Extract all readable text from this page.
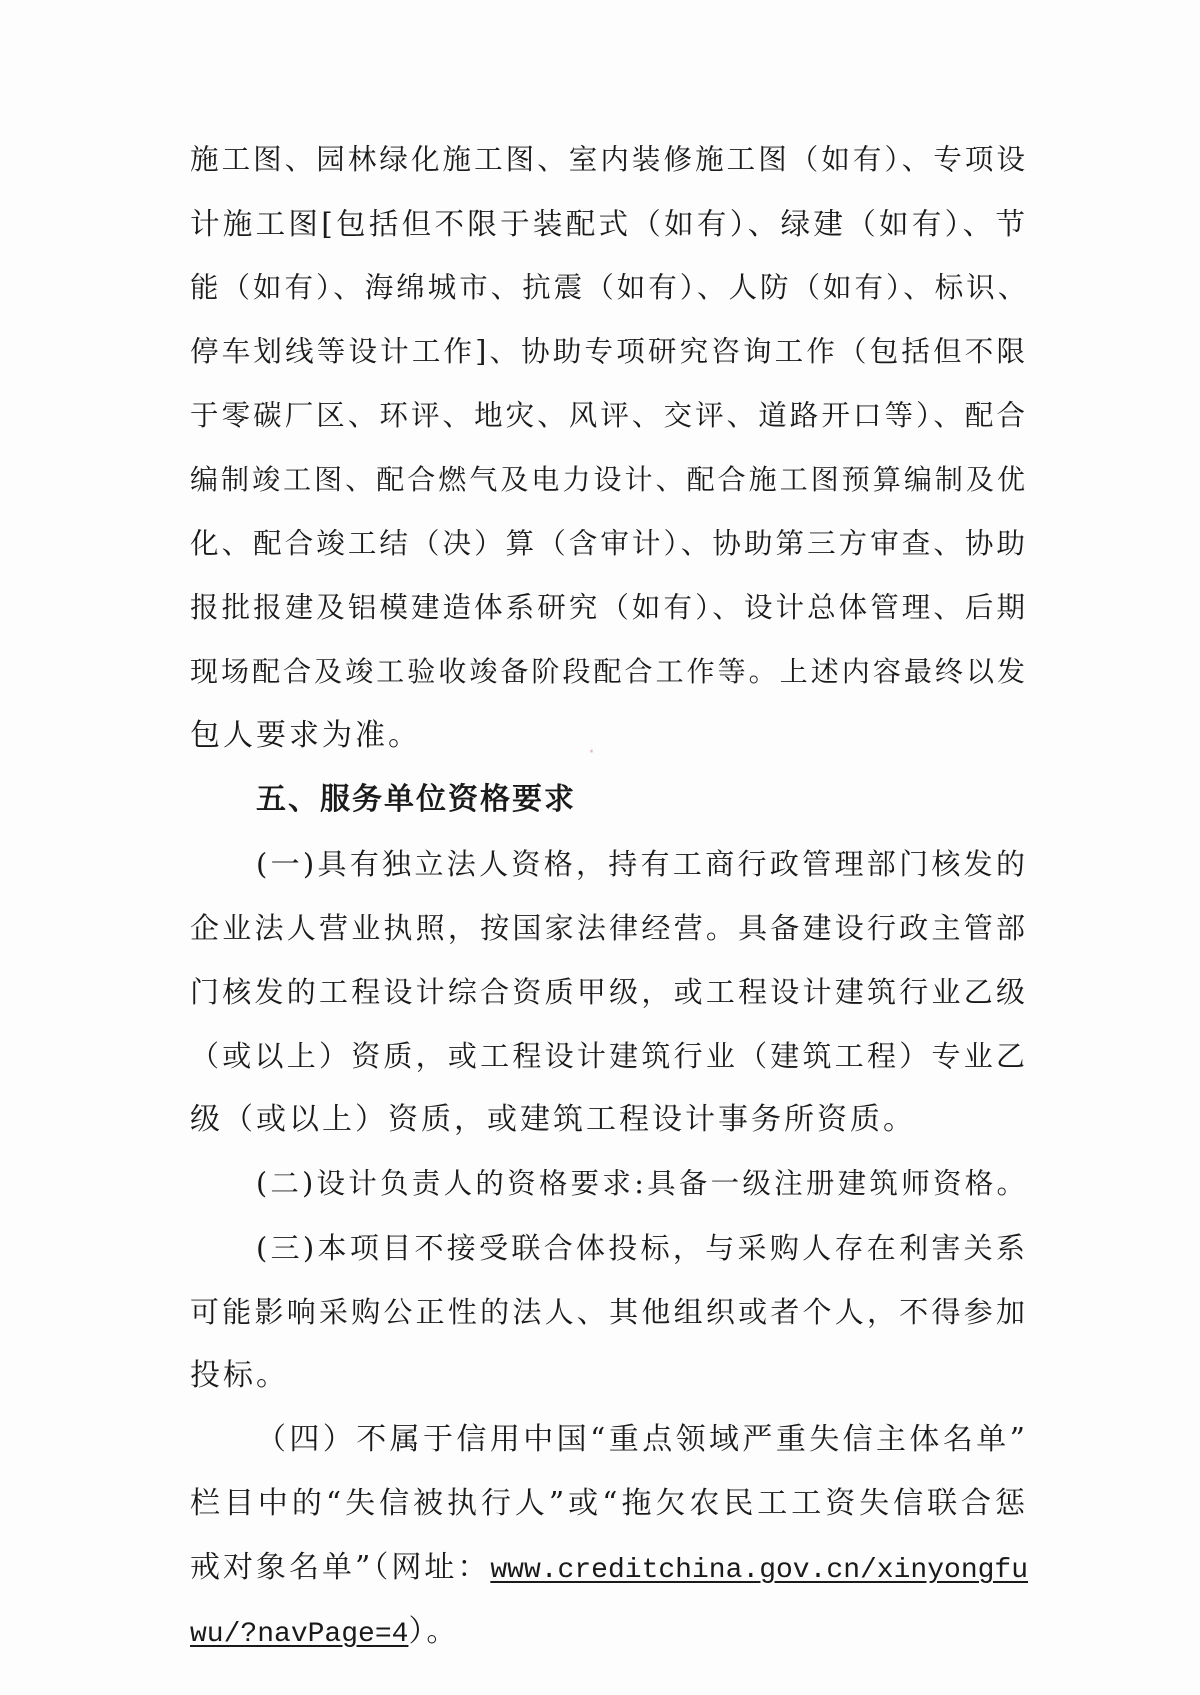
施工图、园林绿化施工图、室内装修施工图（如有）、专项设
计施工图[包括但不限于装配式（如有）、绿建（如有）、节
能（如有）、海绵城市、抗震（如有）、人防（如有）、标识、
停车划线等设计工作]、协助专项研究咨询工作（包括但不限
于零碳厂区、环评、地灾、风评、交评、道路开口等）、配合
编制竣工图、配合燃气及电力设计、配合施工图预算编制及优
化、配合竣工结（决）算（含审计）、协助第三方审查、协助
报批报建及铝模建造体系研究（如有）、设计总体管理、后期
现场配合及竣工验收竣备阶段配合工作等。上述内容最终以发
包人要求为准。
五、服务单位资格要求
(一)具有独立法人资格，持有工商行政管理部门核发的
企业法人营业执照，按国家法律经营。具备建设行政主管部
门核发的工程设计综合资质甲级，或工程设计建筑行业乙级
（或以上）资质，或工程设计建筑行业（建筑工程）专业乙
级（或以上）资质，或建筑工程设计事务所资质。
(二)设计负责人的资格要求:具备一级注册建筑师资格。
(三)本项目不接受联合体投标，与采购人存在利害关系
可能影响采购公正性的法人、其他组织或者个人，不得参加
投标。
（四）不属于信用中国“重点领域严重失信主体名单”
栏目中的“失信被执行人”或“拖欠农民工工资失信联合惩
戒对象名单”（网址：www.creditchina.gov.cn/xinyongfu
wu/?navPage=4）。
·
